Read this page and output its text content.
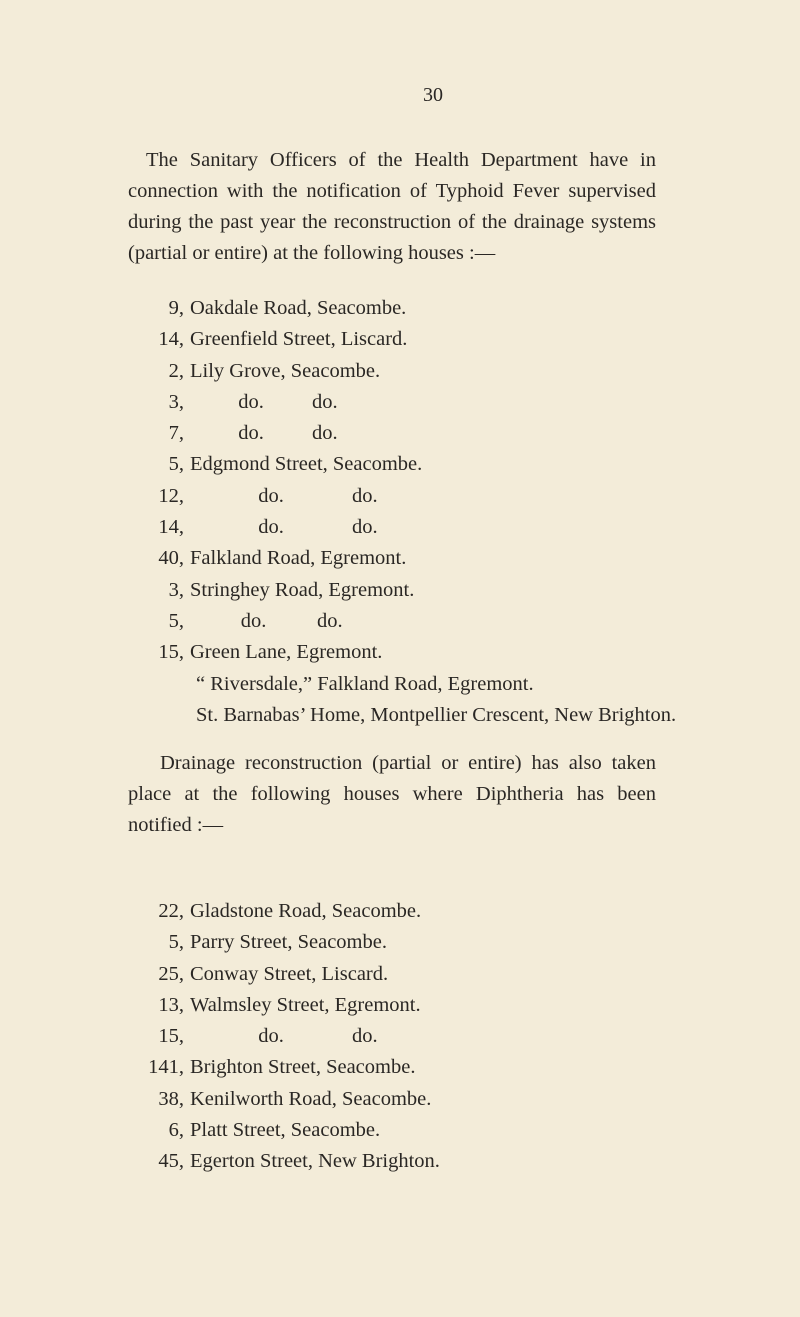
30
The Sanitary Officers of the Health Department have in connection with the notification of Typhoid Fever supervised during the past year the reconstruction of the drainage systems (partial or entire) at the following houses :—
9, Oakdale Road, Seacombe.
14, Greenfield Street, Liscard.
2, Lily Grove, Seacombe.
3,	do.	do.
7,	do.	do.
5, Edgmond Street, Seacombe.
12,	do.	do.
14,	do.	do.
40, Falkland Road, Egremont.
3, Stringhey Road, Egremont.
5,	do.	do.
15, Green Lane, Egremont.
“ Riversdale,” Falkland Road, Egremont.
St. Barnabas’ Home, Montpellier Crescent, New Brighton.
Drainage reconstruction (partial or entire) has also taken place at the following houses where Diphtheria has been notified :—
22, Gladstone Road, Seacombe.
5, Parry Street, Seacombe.
25, Conway Street, Liscard.
13, Walmsley Street, Egremont.
15,	do.	do.
141, Brighton Street, Seacombe.
38, Kenilworth Road, Seacombe.
6, Platt Street, Seacombe.
45, Egerton Street, New Brighton.
